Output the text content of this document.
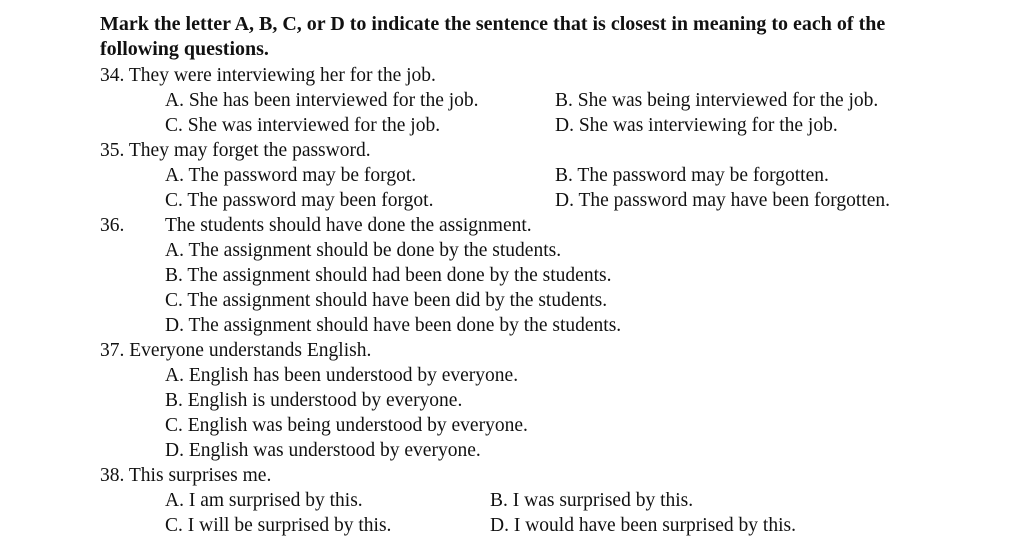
Mark the letter A, B, C, or D to indicate the sentence that is closest in meaning to each of the
following questions.
34. They were interviewing her for the job.
A. She has been interviewed for the job.	B. She was being interviewed for the job.
C. She was interviewed for the job.	D. She was interviewing for the job.
35. They may forget the password.
A. The password may be forgot.	B. The password may be forgotten.
C. The password may been forgot.	D. The password may have been forgotten.
36. The students should have done the assignment.
A. The assignment should be done by the students.
B. The assignment should had been done by the students.
C. The assignment should have been did by the students.
D. The assignment should have been done by the students.
37. Everyone understands English.
A. English has been understood by everyone.
B. English is understood by everyone.
C. English was being understood by everyone.
D. English was understood by everyone.
38. This surprises me.
A. I am surprised by this.	B. I was surprised by this.
C. I will be surprised by this.	D. I would have been surprised by this.
